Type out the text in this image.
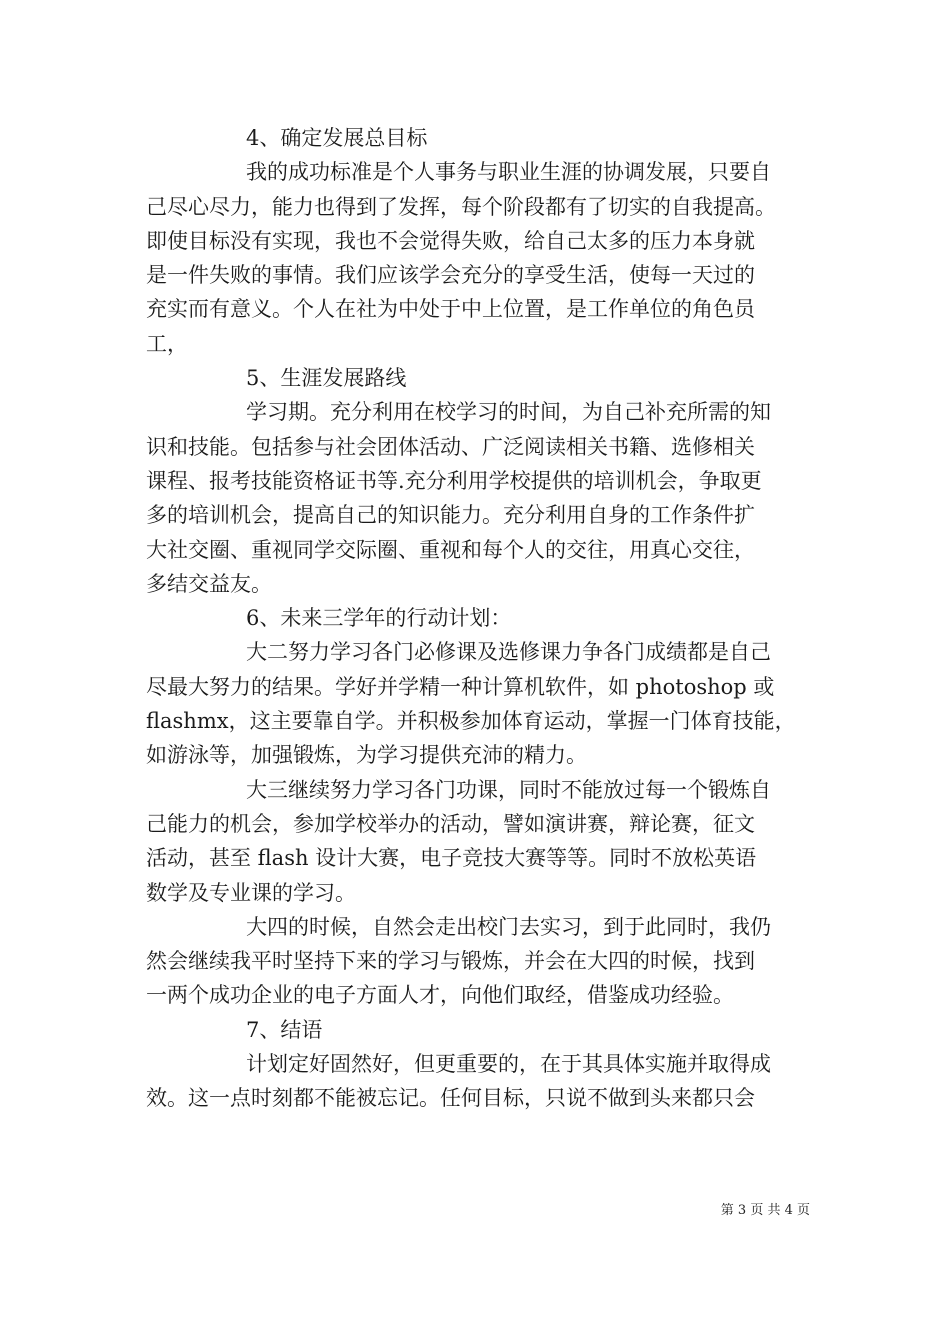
4、确定发展总目标
我的成功标准是个人事务与职业生涯的协调发展，只要自
己尽心尽力，能力也得到了发挥，每个阶段都有了切实的自我提高。
即使目标没有实现，我也不会觉得失败，给自己太多的压力本身就
是一件失败的事情。我们应该学会充分的享受生活，使每一天过的
充实而有意义。个人在社为中处于中上位置，是工作单位的角色员
工，
5、生涯发展路线
学习期。充分利用在校学习的时间，为自己补充所需的知
识和技能。包括参与社会团体活动、广泛阅读相关书籍、选修相关
课程、报考技能资格证书等.充分利用学校提供的培训机会，争取更
多的培训机会，提高自己的知识能力。充分利用自身的工作条件扩
大社交圈、重视同学交际圈、重视和每个人的交往，用真心交往，
多结交益友。
6、未来三学年的行动计划：
大二努力学习各门必修课及选修课力争各门成绩都是自己
尽最大努力的结果。学好并学精一种计算机软件，如 photoshop 或
flashmx，这主要靠自学。并积极参加体育运动，掌握一门体育技能，
如游泳等，加强锻炼，为学习提供充沛的精力。
大三继续努力学习各门功课，同时不能放过每一个锻炼自
己能力的机会，参加学校举办的活动，譬如演讲赛，辩论赛，征文
活动，甚至 flash 设计大赛，电子竞技大赛等等。同时不放松英语
数学及专业课的学习。
大四的时候，自然会走出校门去实习，到于此同时，我仍
然会继续我平时坚持下来的学习与锻炼，并会在大四的时候，找到
一两个成功企业的电子方面人才，向他们取经，借鉴成功经验。
7、结语
计划定好固然好，但更重要的，在于其具体实施并取得成
效。这一点时刻都不能被忘记。任何目标，只说不做到头来都只会
第 3 页 共 4 页
